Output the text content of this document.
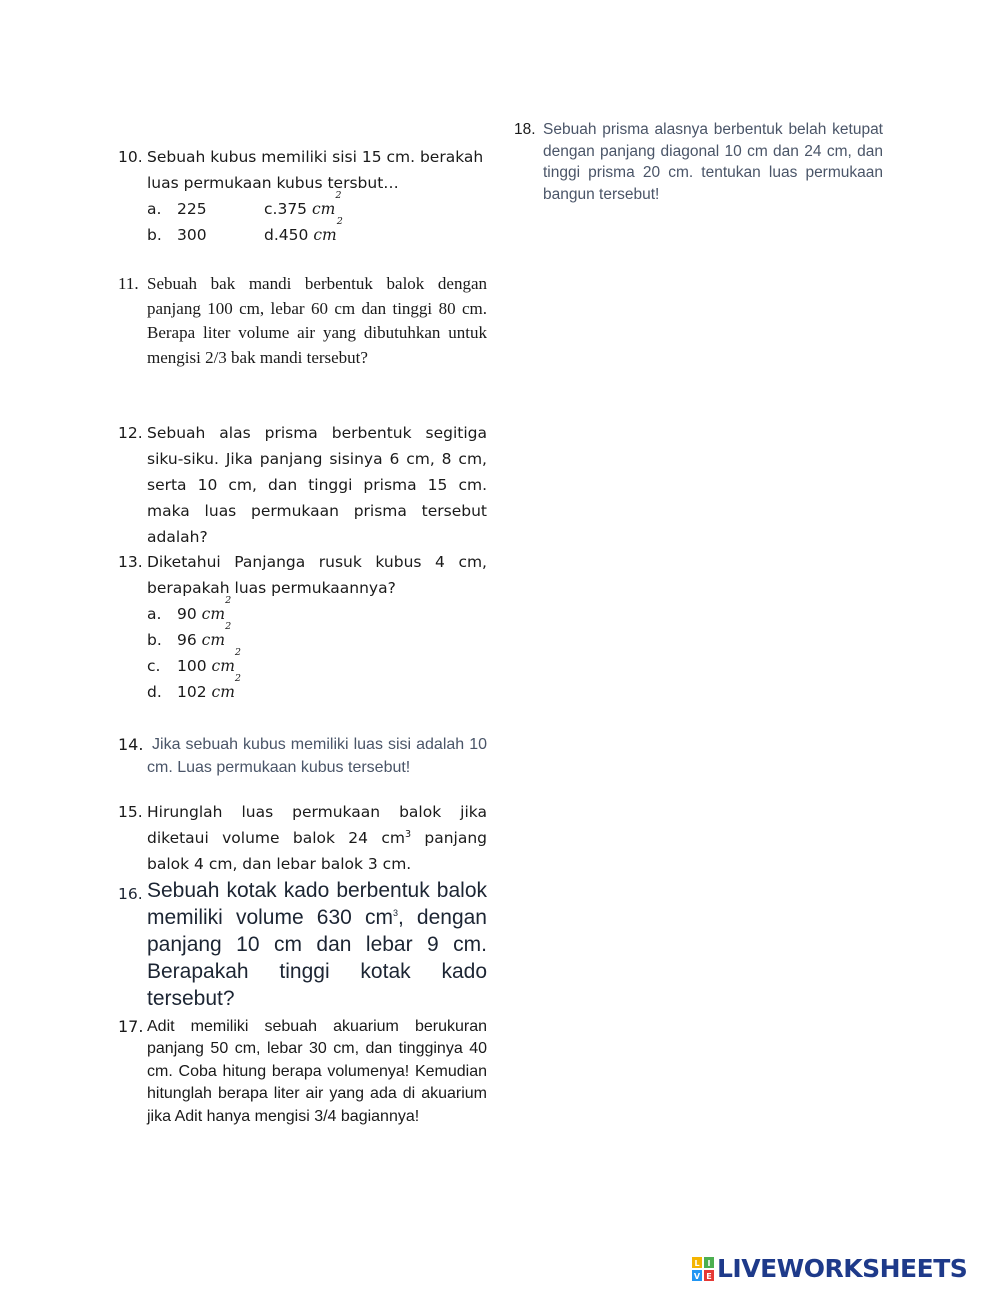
10. Sebuah kubus memiliki sisi 15 cm. berakah luas permukaan kubus tersbut…
a.	225	c. 375
cm
2
b. 300	d. 450
cm
2
11. Sebuah bak mandi berbentuk balok dengan panjang 100 cm, lebar 60 cm dan tinggi 80 cm. Berapa liter volume air yang dibutuhkan untuk mengisi 2/3 bak mandi tersebut?
12. Sebuah alas prisma berbentuk segitiga siku-siku. Jika panjang sisinya 6 cm, 8 cm, serta 10 cm, dan tinggi prisma 15 cm. maka luas permukaan prisma tersebut adalah?
13. Diketahui Panjanga rusuk kubus 4 cm, berapakah luas permukaannya?
a.	90
cm
2
b. 96
cm
2
c.	100
cm
2
d. 102
cm
2
14. Jika sebuah kubus memiliki luas sisi adalah 10 cm. Luas permukaan kubus tersebut!
15. Hirunglah luas permukaan balok jika diketaui volume balok 24 $cm^3$ panjang balok 4 cm, dan lebar balok 3 cm.
16. Sebuah kotak kado berbentuk balok memiliki volume 630 $cm^3$, dengan panjang 10 cm dan lebar 9 cm. Berapakah tinggi kotak kado tersebut?
17. Adit memiliki sebuah akuarium berukuran panjang 50 cm, lebar 30 cm, dan tingginya 40 cm. Coba hitung berapa volumenya! Kemudian hitunglah berapa liter air yang ada di akuarium jika Adit hanya mengisi 3/4 bagiannya!
18. Sebuah prisma alasnya berbentuk belah ketupat dengan panjang diagonal 10 cm dan 24 cm, dan tinggi prisma 20 cm. tentukan luas permukaan bangun tersebut!
L I
V E LIVEWORKSHEETS
